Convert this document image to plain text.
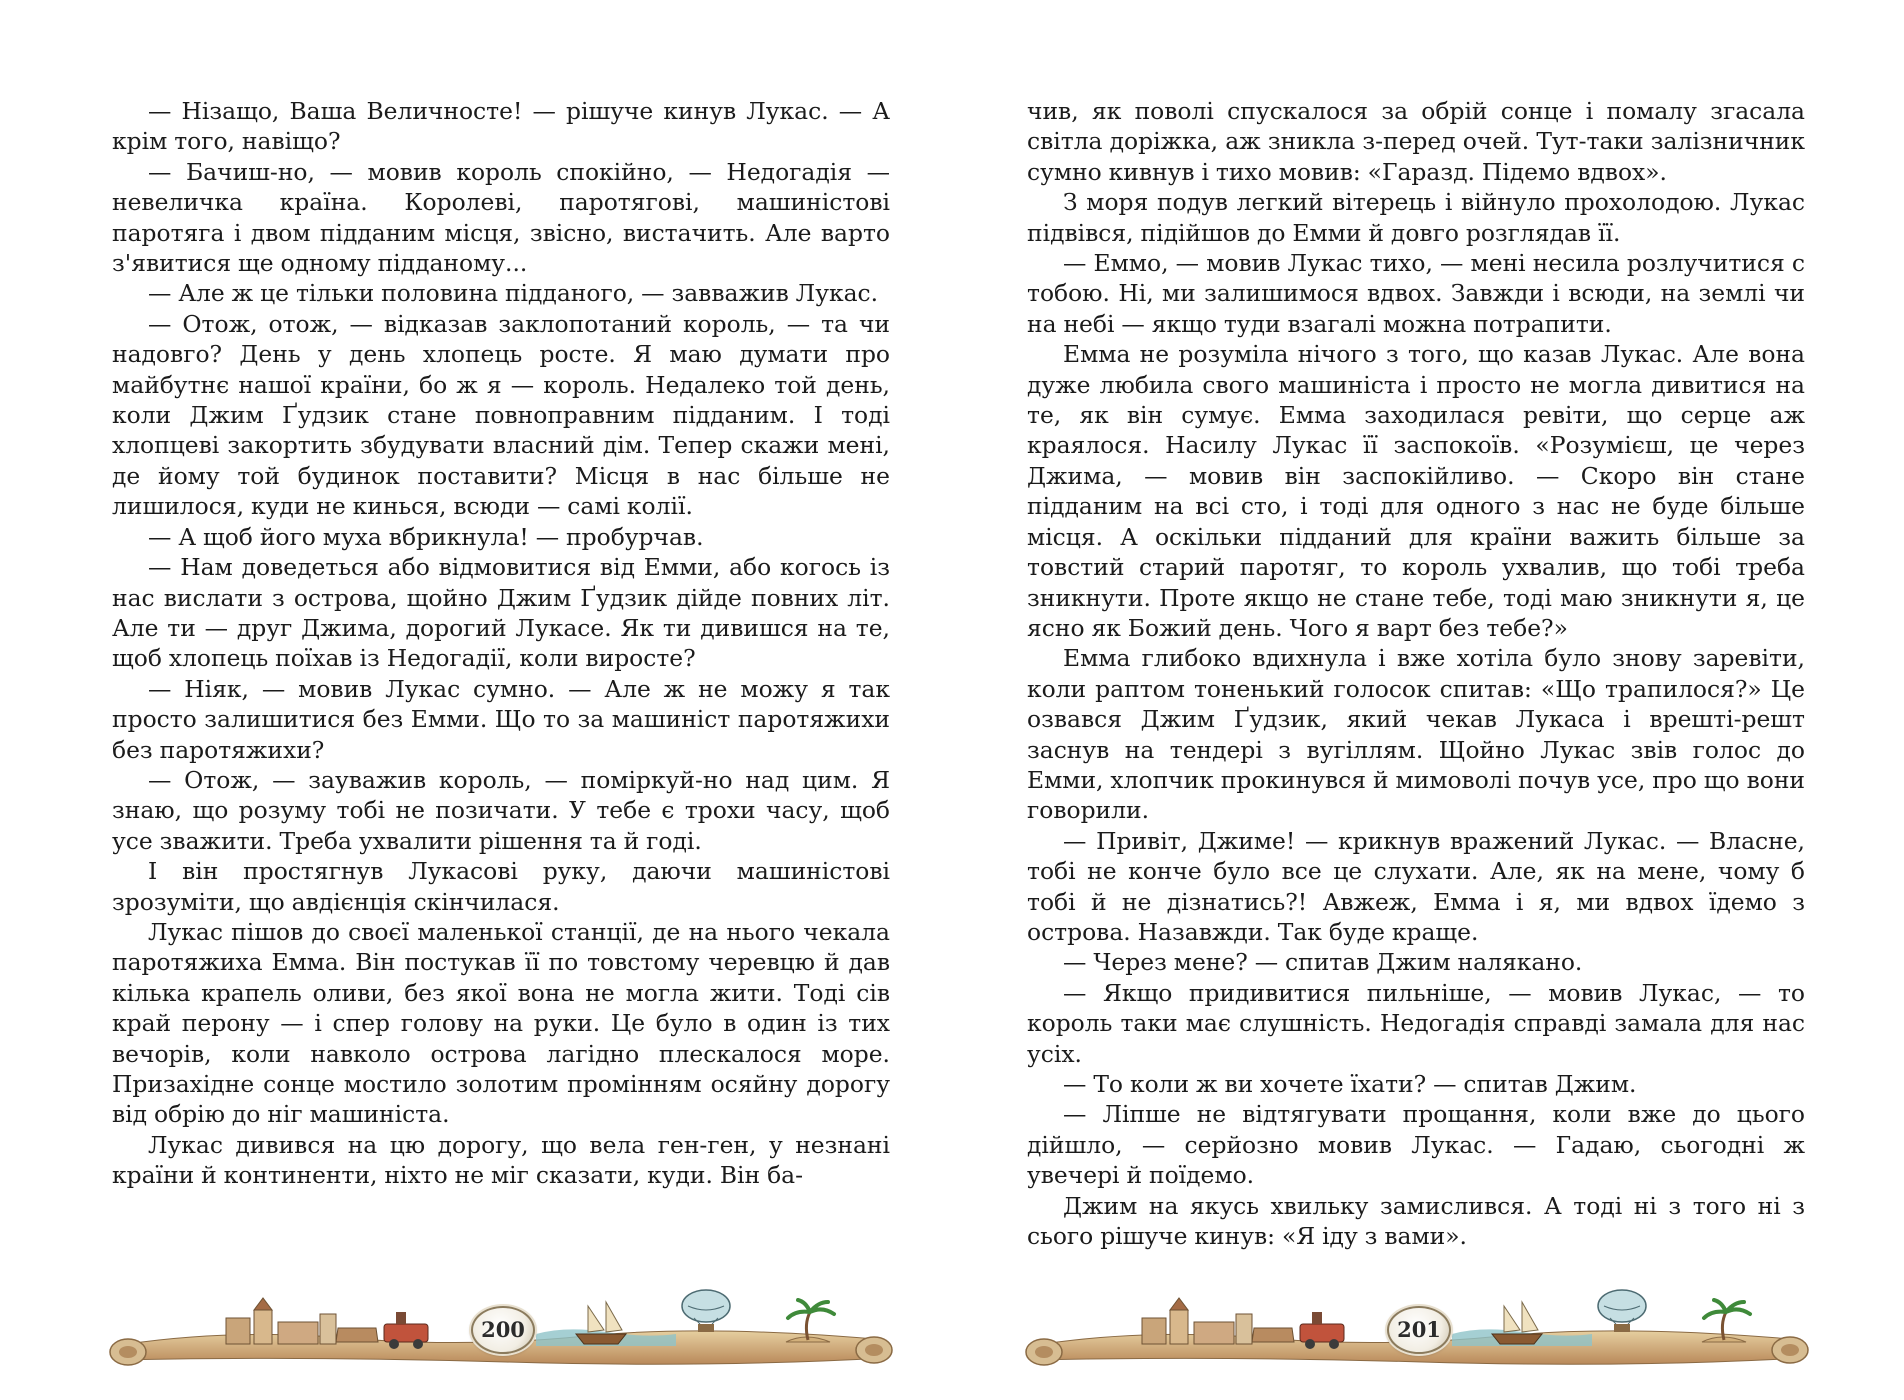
— Нізащо, Ваша Величносте! — рішуче кинув Лукас. — А крім того, навіщо?

— Бачиш-но, — мовив король спокійно, — Недогадія — невеличка країна. Королеві, паротяговi, машиністові паротяга і двом підданим місця, звісно, вистачить. Але варто з'явитися ще одному підданому...

— Але ж це тільки половина підданого, — завважив Лукас.

— Отож, отож, — відказав заклопотаний король, — та чи надовго? День у день хлопець росте. Я маю думати про майбутнє нашої країни, бо ж я — король. Недалеко той день, коли Джим Ґудзик стане повноправним підданим. І тоді хлопцеві закортить збудувати власний дім. Тепер скажи мені, де йому той будинок поставити? Місця в нас більше не лишилося, куди не кинься, всюди — самі колії.

— А щоб його муха вбрикнула! — пробурчав.

— Нам доведеться або відмовитися від Емми, або когось із нас вислати з острова, щойно Джим Ґудзик дійде повних літ. Але ти — друг Джима, дорогий Лукасе. Як ти дивишся на те, щоб хлопець поїхав із Недогадії, коли виросте?

— Ніяк, — мовив Лукас сумно. — Але ж не можу я так просто залишитися без Емми. Що то за машиніст паротяжихи без паротяжихи?

— Отож, — зауважив король, — поміркуй-но над цим. Я знаю, що розуму тобі не позичати. У тебе є трохи часу, щоб усе зважити. Треба ухвалити рішення та й годі.

І він простягнув Лукасові руку, даючи машиністові зрозуміти, що авдієнція скінчилася.

Лукас пішов до своєї маленької станції, де на нього чекала паротяжиха Емма. Він постукав її по товстому черевцю й дав кілька крапель оливи, без якої вона не могла жити. Тоді сів край перону — і спер голову на руки. Це було в один із тих вечорів, коли навколо острова лагідно плескалося море. Призахідне сонце мостило золотим промінням осяйну дорогу від обрію до ніг машиніста.

Лукас дивився на цю дорогу, що вела ген-ген, у незнані країни й континенти, ніхто не міг сказати, куди. Він ба-

чив, як поволі спускалося за обрій сонце і помалу згасала світла доріжка, аж зникла з-перед очей. Тут-таки залізничник сумно кивнув і тихо мовив: «Гаразд. Підемо вдвох».

З моря подув легкий вітерець і війнуло прохолодою. Лукас підвівся, підійшов до Емми й довго розглядав її.

— Еммо, — мовив Лукас тихо, — мені несила розлучитися с тобою. Ні, ми залишимося вдвох. Завжди і всюди, на землі чи на небі — якщо туди взагалі можна потрапити.

Емма не розуміла нічого з того, що казав Лукас. Але вона дуже любила свого машиніста і просто не могла дивитися на те, як він сумує. Емма заходилася ревіти, що серце аж краялося. Насилу Лукас її заспокоїв. «Розумієш, це через Джима, — мовив він заспокійливо. — Скоро він стане підданим на всі сто, і тоді для одного з нас не буде більше місця. А оскільки підданий для країни важить більше за товстий старий паротяг, то король ухвалив, що тобі треба зникнути. Проте якщо не стане тебе, тоді маю зникнути я, це ясно як Божий день. Чого я варт без тебе?»

Емма глибоко вдихнула і вже хотіла було знову заревіти, коли раптом тоненький голосок спитав: «Що трапилося?» Це озвався Джим Ґудзик, який чекав Лукаса і врешті-решт заснув на тендері з вугіллям. Щойно Лукас звів голос до Емми, хлопчик прокинувся й мимоволі почув усе, про що вони говорили.

— Привіт, Джиме! — крикнув вражений Лукас. — Власне, тобі не конче було все це слухати. Але, як на мене, чому б тобі й не дізнатись?! Авжеж, Емма і я, ми вдвох їдемо з острова. Назавжди. Так буде краще.

— Через мене? — спитав Джим налякано.

— Якщо придивитися пильніше, — мовив Лукас, — то король таки має слушність. Недогадія справді замала для нас усіх.

— То коли ж ви хочете їхати? — спитав Джим.

— Ліпше не відтягувати прощання, коли вже до цього дійшло, — серйозно мовив Лукас. — Гадаю, сьогодні ж увечері й поїдемо.

Джим на якусь хвильку замислився. А тоді ні з того ні з сього рішуче кинув: «Я іду з вами».

200	201
